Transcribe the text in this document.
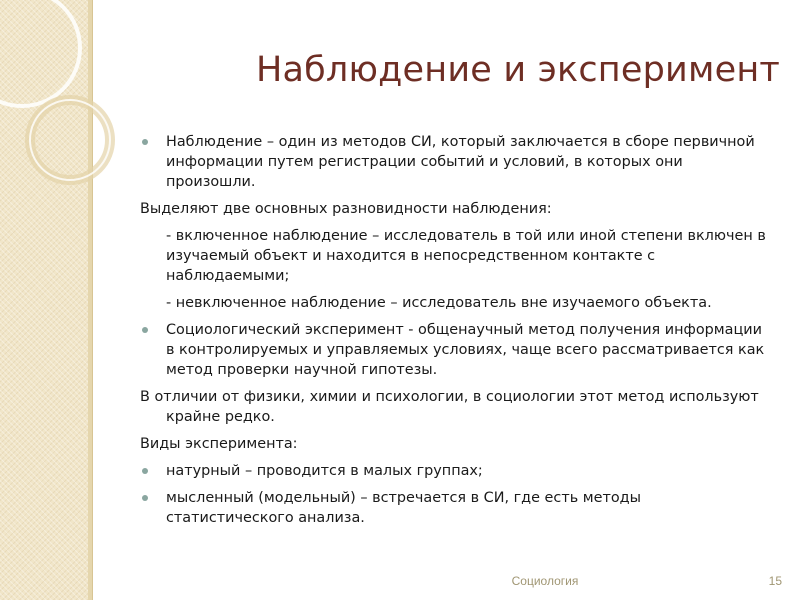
Наблюдение и эксперимент

Наблюдение – один из методов СИ, который заключается в сборе первичной информации путем регистрации событий и условий, в которых они произошли.

Выделяют две основных разновидности наблюдения:

- включенное наблюдение – исследователь в той или иной степени включен в изучаемый объект и находится в непосредственном контакте с наблюдаемыми;

- невключенное наблюдение – исследователь вне изучаемого объекта.

Социологический эксперимент - общенаучный метод получения информации в контролируемых и управляемых условиях, чаще всего рассматривается как метод проверки научной гипотезы.

В отличии от физики, химии и психологии, в социологии этот метод используют крайне редко.

Виды эксперимента:

натурный – проводится в малых группах;

мысленный (модельный) – встречается в СИ, где есть методы статистического анализа.

Социология	15
